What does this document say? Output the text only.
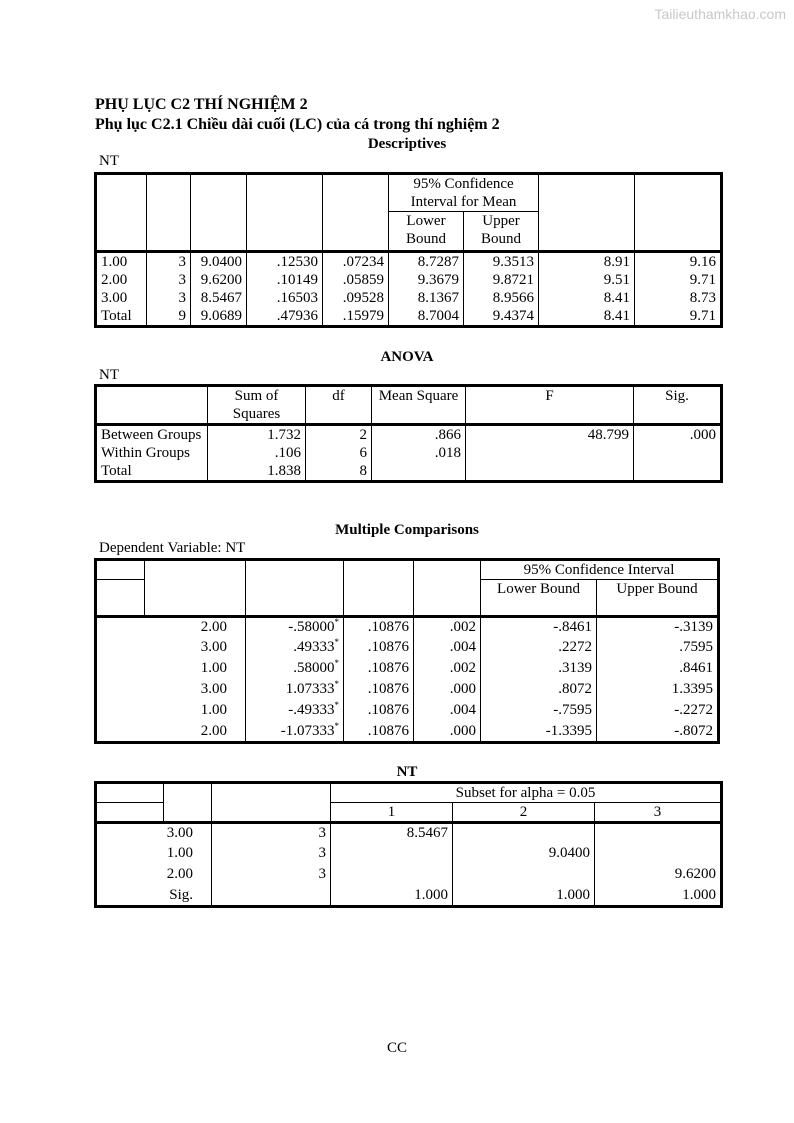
Tailieuthamkhao.com
PHỤ LỤC C2 THÍ NGHIỆM 2
Phụ lục C2.1 Chiều dài cuối (LC) của cá trong thí nghiệm 2
Descriptives
NT
					95% Confidence Interval for Mean			
					Lower Bound	Upper Bound		
1.00	3	9.0400	.12530	.07234	8.7287	9.3513	8.91	9.16
2.00	3	9.6200	.10149	.05859	9.3679	9.8721	9.51	9.71
3.00	3	8.5467	.16503	.09528	8.1367	8.9566	8.41	8.73
Total	9	9.0689	.47936	.15979	8.7004	9.4374	8.41	9.71
ANOVA
NT
	Sum of Squares	df	Mean Square	F	Sig.
Between Groups	1.732	2	.866	48.799	.000
Within Groups	.106	6	.018		
Total	1.838	8			
Multiple Comparisons
Dependent Variable: NT
					95% Confidence Interval	
					Lower Bound	Upper Bound
	2.00	-.58000*	.10876	.002	-.8461	-.3139
	3.00	.49333*	.10876	.004	.2272	.7595
	1.00	.58000*	.10876	.002	.3139	.8461
	3.00	1.07333*	.10876	.000	.8072	1.3395
	1.00	-.49333*	.10876	.004	-.7595	-.2272
	2.00	-1.07333*	.10876	.000	-1.3395	-.8072
NT
			Subset for alpha = 0.05		
			1	2	3

	3.00	3	8.5467		

	1.00	3		9.0400	

	2.00	3			9.6200

	Sig.		1.000	1.000	1.000
CC
